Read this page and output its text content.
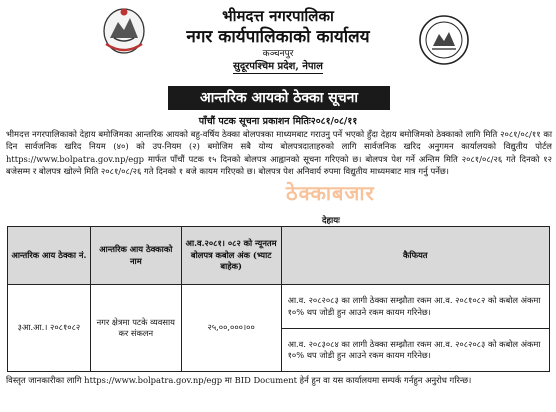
भीमदत्त नगरपालिका
नगर कार्यपालिकाको कार्यालय
कञ्चनपुर
सुदूरपश्चिम प्रदेश, नेपाल
आन्तरिक आयको ठेक्का सूचना
पाँचौं पटक सूचना प्रकाशन मितिः२०८१/०८/११
भीमदत्त नगरपालिकाको देहाय बमोजिमका आन्तरिक आयको बहु-वर्षिय ठेक्का बोलपत्रका माध्यमबाट गराउनु पर्ने भएको हुँदा देहाय बमोजिमको ठेक्काको लागि मिति २०८१/०८/११ का दिन सार्वजनिक खरिद नियम (४०) को उप-नियम (२) बमोजिम सबै योग्य बोलपत्रदाताहरुको लागि सार्वजनिक खरिद अनुगमन कार्यालयको विद्युतीय पोर्टल https://www.bolpatra.gov.np/egp मार्फत पाँचौं पटक १५ दिनको बोलपत्र आह्वानको सूचना गरिएको छ। बोलपत्र पेश गर्ने अन्तिम मिति २०८१/०८/२६ गते दिनको १२ बजेसम्म र बोलपत्र खोल्ने मिति २०८१/०८/२६ गते दिनको १ बजे कायम गरिएको छ। बोलपत्र पेश अनिवार्य रुपमा विद्युतीय माध्यमबाट मात्र गर्नु पर्नेछ।
ठेक्काबजार
देहायः
आन्तरिक आय ठेक्का नं.	आन्तरिक आय ठेक्काको नाम	आ.व.२०८१। ०८२ को न्यूनतम बोलपत्र कबोल अंक (भ्याट बाहेक)	कैफियत
३आ.आ.। २०८१०८२	नगर क्षेत्रमा पटके व्यवसाय कर संकलन	२५,००,०००।००	आ.व. २०८२०८३ का लागी ठेक्का सम्झौता रकम आ.व. २०८१०८२ को कबोल अंकमा १०% थप जोडी हुन आउने रकम कायम गरिनेछ।
आ.व. २०८३०८४ का लागी ठेक्का सम्झौता रकम आ.व. २०८२०८३ को कबोल अंकमा १०% थप जोडी हुन आउने रकम कायम गरिनेछ।
विस्तृत जानकारीका लागि https://www.bolpatra.gov.np/egp मा BID Document हेर्न हुन वा यस कार्यालयमा सम्पर्क गर्नहुन अनुरोध गरिन्छ।
